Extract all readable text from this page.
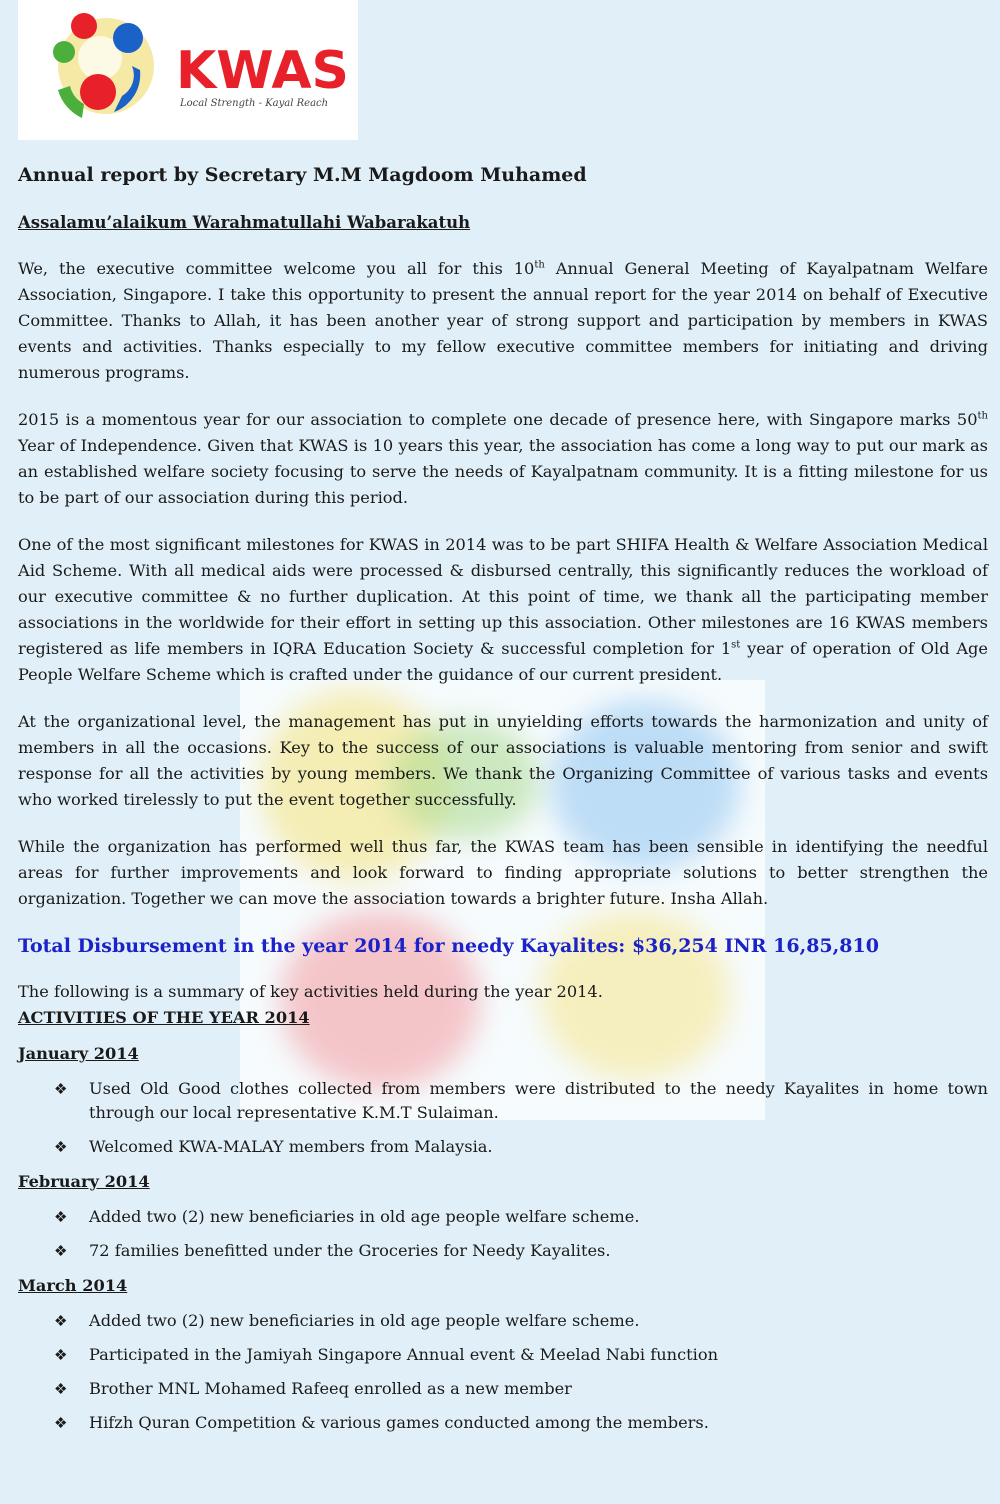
KWAS
Local Strength - Kayal Reach
Annual report by Secretary M.M Magdoom Muhamed
Assalamu’alaikum Warahmatullahi Wabarakatuh

We, the executive committee welcome you all for this 10th Annual General Meeting of Kayalpatnam Welfare Association, Singapore. I take this opportunity to present the annual report for the year 2014 on behalf of Executive Committee. Thanks to Allah, it has been another year of strong support and participation by members in KWAS events and activities. Thanks especially to my fellow executive committee members for initiating and driving numerous programs.

2015 is a momentous year for our association to complete one decade of presence here, with Singapore marks 50th Year of Independence. Given that KWAS is 10 years this year, the association has come a long way to put our mark as an established welfare society focusing to serve the needs of Kayalpatnam community. It is a fitting milestone for us to be part of our association during this period.

One of the most significant milestones for KWAS in 2014 was to be part SHIFA Health & Welfare Association Medical Aid Scheme. With all medical aids were processed & disbursed centrally, this significantly reduces the workload of our executive committee & no further duplication. At this point of time, we thank all the participating member associations in the worldwide for their effort in setting up this association. Other milestones are 16 KWAS members registered as life members in IQRA Education Society & successful completion for 1st year of operation of Old Age People Welfare Scheme which is crafted under the guidance of our current president.

At the organizational level, the management has put in unyielding efforts towards the harmonization and unity of members in all the occasions. Key to the success of our associations is valuable mentoring from senior and swift response for all the activities by young members. We thank the Organizing Committee of various tasks and events who worked tirelessly to put the event together successfully.

While the organization has performed well thus far, the KWAS team has been sensible in identifying the needful areas for further improvements and look forward to finding appropriate solutions to better strengthen the organization. Together we can move the association towards a brighter future. Insha Allah.

Total Disbursement in the year 2014 for needy Kayalites: $36,254 INR 16,85,810

The following is a summary of key activities held during the year 2014.

ACTIVITIES OF THE YEAR 2014
January 2014
❖ Used Old Good clothes collected from members were distributed to the needy Kayalites in home town through our local representative K.M.T Sulaiman.
❖ Welcomed KWA-MALAY members from Malaysia.
February 2014
❖ Added two (2) new beneficiaries in old age people welfare scheme.
❖ 72 families benefitted under the Groceries for Needy Kayalites.
March 2014
❖ Added two (2) new beneficiaries in old age people welfare scheme.
❖ Participated in the Jamiyah Singapore Annual event & Meelad Nabi function
❖ Brother MNL Mohamed Rafeeq enrolled as a new member
❖ Hifzh Quran Competition & various games conducted among the members.
